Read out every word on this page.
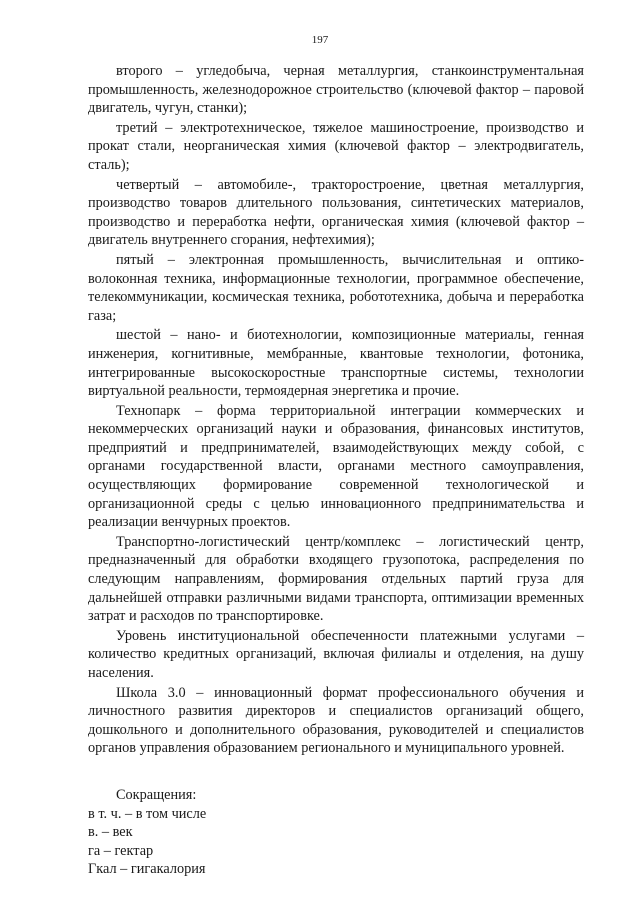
197

второго – угледобыча, черная металлургия, станкоинструментальная промышленность, железнодорожное строительство (ключевой фактор – паровой двигатель, чугун, станки);

третий – электротехническое, тяжелое машиностроение, производство и прокат стали, неорганическая химия (ключевой фактор – электродвигатель, сталь);

четвертый – автомобиле-, тракторостроение, цветная металлургия, производство товаров длительного пользования, синтетических материалов, производство и переработка нефти, органическая химия (ключевой фактор – двигатель внутреннего сгорания, нефтехимия);

пятый – электронная промышленность, вычислительная и оптико-волоконная техника, информационные технологии, программное обеспечение, телекоммуникации, космическая техника, робототехника, добыча и переработка газа;

шестой – нано- и биотехнологии, композиционные материалы, генная инженерия, когнитивные, мембранные, квантовые технологии, фотоника, интегрированные высокоскоростные транспортные системы, технологии виртуальной реальности, термоядерная энергетика и прочие.

Технопарк – форма территориальной интеграции коммерческих и некоммерческих организаций науки и образования, финансовых институтов, предприятий и предпринимателей, взаимодействующих между собой, с органами государственной власти, органами местного самоуправления, осуществляющих формирование современной технологической и организационной среды с целью инновационного предпринимательства и реализации венчурных проектов.

Транспортно-логистический центр/комплекс – логистический центр, предназначенный для обработки входящего грузопотока, распределения по следующим направлениям, формирования отдельных партий груза для дальнейшей отправки различными видами транспорта, оптимизации временных затрат и расходов по транспортировке.

Уровень институциональной обеспеченности платежными услугами – количество кредитных организаций, включая филиалы и отделения, на душу населения.

Школа 3.0 – инновационный формат профессионального обучения и личностного развития директоров и специалистов организаций общего, дошкольного и дополнительного образования, руководителей и специалистов органов управления образованием регионального и муниципального уровней.

Сокращения:

в т. ч. – в том числе

в. – век

га – гектар

Гкал – гигакалория
